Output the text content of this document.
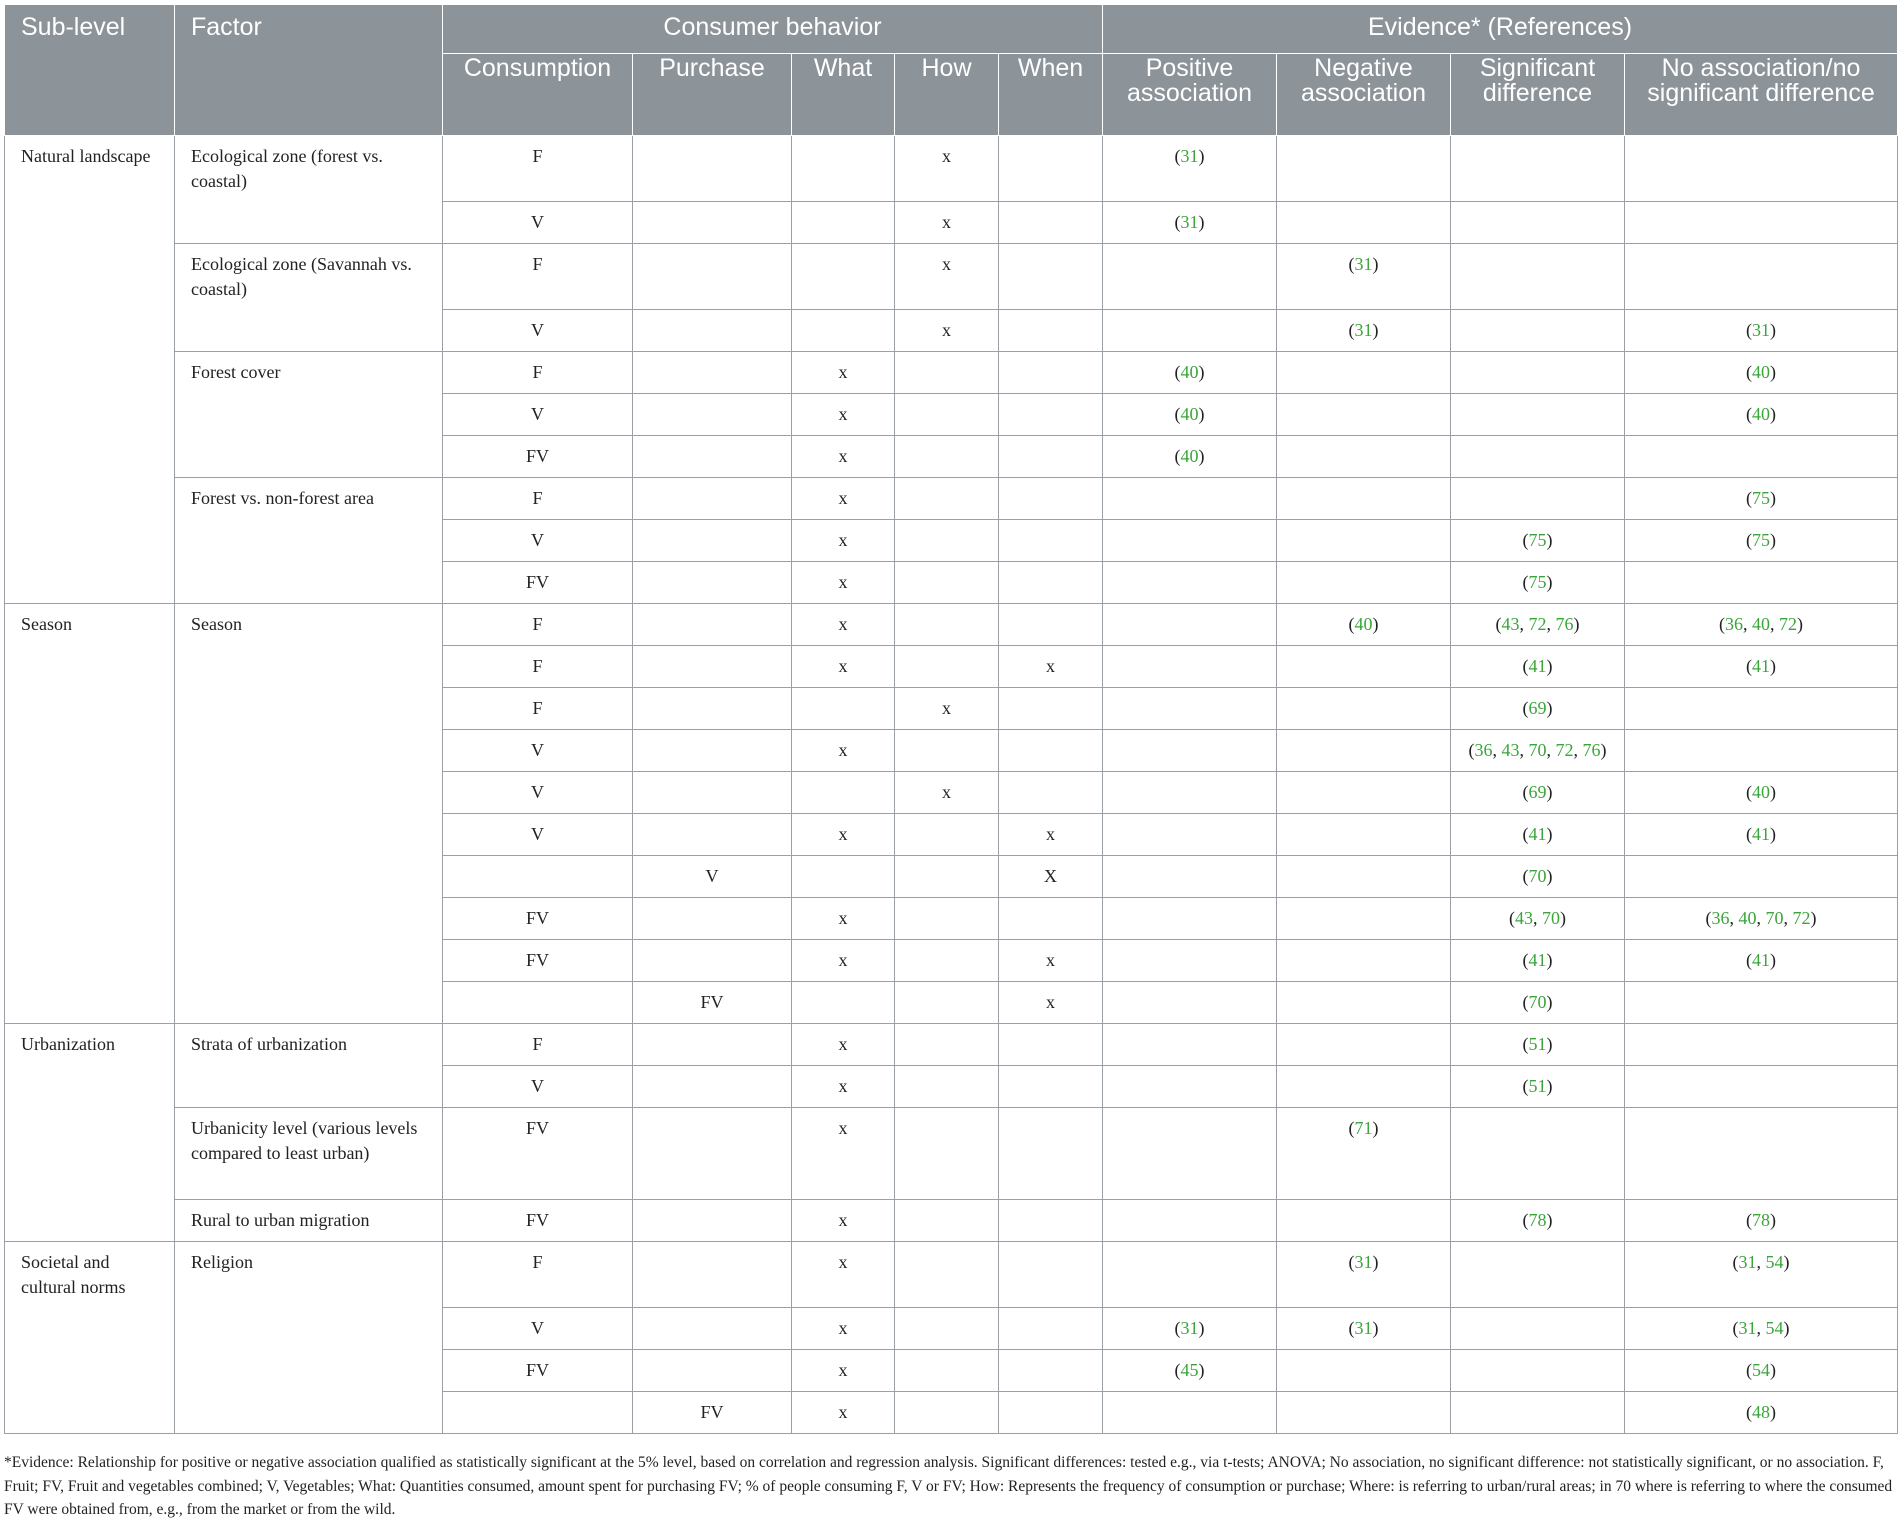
Sub-level	Factor	Consumer behavior					Evidence* (References)			
		Consumption	Purchase	What	How	When	Positive association	Negative association	Significant difference	No association/no significant difference
Natural landscape	Ecological zone (forest vs. coastal)	F			x		(31)			
		V			x		(31)			
	Ecological zone (Savannah vs. coastal)	F			x			(31)		
		V			x			(31)		(31)
	Forest cover	F		x			(40)			(40)
		V		x			(40)			(40)
		FV		x			(40)			
	Forest vs. non-forest area	F		x						(75)
		V		x					(75)	(75)
		FV		x					(75)	
Season	Season	F		x				(40)	(43, 72, 76)	(36, 40, 72)
		F		x		x			(41)	(41)
		F			x				(69)	
		V		x					(36, 43, 70, 72, 76)	
		V			x				(69)	(40)
		V		x		x			(41)	(41)
			V			X			(70)	
		FV		x					(43, 70)	(36, 40, 70, 72)
		FV		x		x			(41)	(41)
			FV			x			(70)	
Urbanization	Strata of urbanization	F		x					(51)	
		V		x					(51)	
	Urbanicity level (various levels compared to least urban)	FV		x				(71)		
	Rural to urban migration	FV		x					(78)	(78)
Societal and cultural norms	Religion	F		x				(31)		(31, 54)
		V		x			(31)	(31)		(31, 54)
		FV		x			(45)			(54)
			FV	x						(48)
*Evidence: Relationship for positive or negative association qualified as statistically significant at the 5% level, based on correlation and regression analysis. Significant differences: tested e.g., via t-tests; ANOVA; No association, no significant difference: not statistically significant, or no association. F, Fruit; FV, Fruit and vegetables combined; V, Vegetables; What: Quantities consumed, amount spent for purchasing FV; % of people consuming F, V or FV; How: Represents the frequency of consumption or purchase; Where: is referring to urban/rural areas; in 70 where is referring to where the consumed FV were obtained from, e.g., from the market or from the wild.
